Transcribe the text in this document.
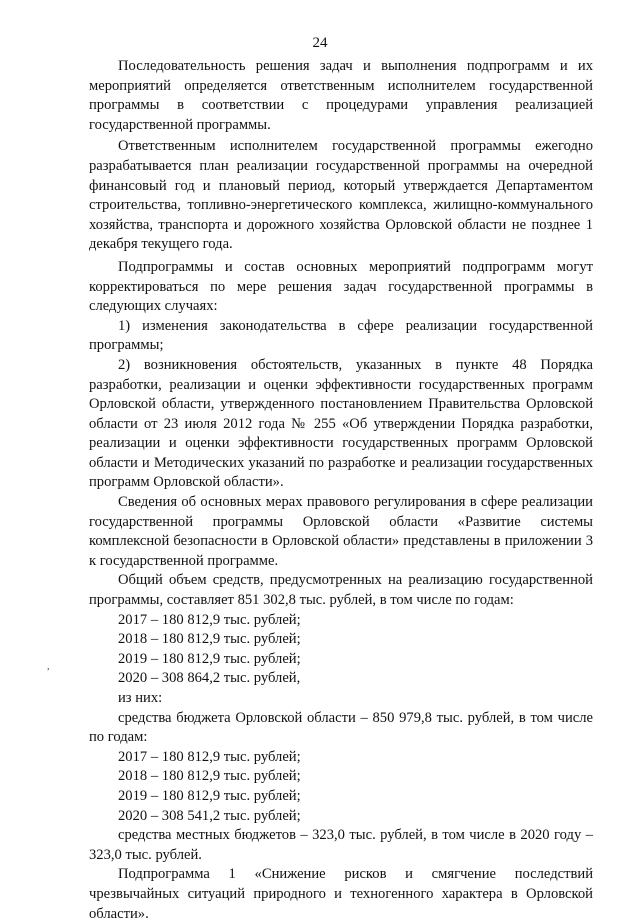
24
,

Последовательность решения задач и выполнения подпрограмм и их мероприятий определяется ответственным исполнителем государственной программы в соответствии с процедурами управления реализацией государственной программы.

Ответственным исполнителем государственной программы ежегодно разрабатывается план реализации государственной программы на очередной финансовый год и плановый период, который утверждается Департаментом строительства, топливно-энергетического комплекса, жилищно-коммунального хозяйства, транспорта и дорожного хозяйства Орловской области не позднее 1 декабря текущего года.

Подпрограммы и состав основных мероприятий подпрограмм могут корректироваться по мере решения задач государственной программы в следующих случаях:

1) изменения законодательства в сфере реализации государственной программы;

2) возникновения обстоятельств, указанных в пункте 48 Порядка разработки, реализации и оценки эффективности государственных программ Орловской области, утвержденного постановлением Правительства Орловской области от 23 июля 2012 года № 255 «Об утверждении Порядка разработки, реализации и оценки эффективности государственных программ Орловской области и Методических указаний по разработке и реализации государственных программ Орловской области».

Сведения об основных мерах правового регулирования в сфере реализации государственной программы Орловской области «Развитие системы комплексной безопасности в Орловской области» представлены в приложении 3 к государственной программе.

Общий объем средств, предусмотренных на реализацию государственной программы, составляет 851 302,8 тыс. рублей, в том числе по годам:

2017 – 180 812,9 тыс. рублей;

2018 – 180 812,9 тыс. рублей;

2019 – 180 812,9 тыс. рублей;

2020 – 308 864,2 тыс. рублей,

из них:

средства бюджета Орловской области – 850 979,8 тыс. рублей, в том числе по годам:

2017 – 180 812,9 тыс. рублей;

2018 – 180 812,9 тыс. рублей;

2019 – 180 812,9 тыс. рублей;

2020 – 308 541,2 тыс. рублей;

средства местных бюджетов – 323,0 тыс. рублей, в том числе в 2020 году – 323,0 тыс. рублей.

Подпрограмма 1 «Снижение рисков и смягчение последствий чрезвычайных ситуаций природного и техногенного характера в Орловской области».
